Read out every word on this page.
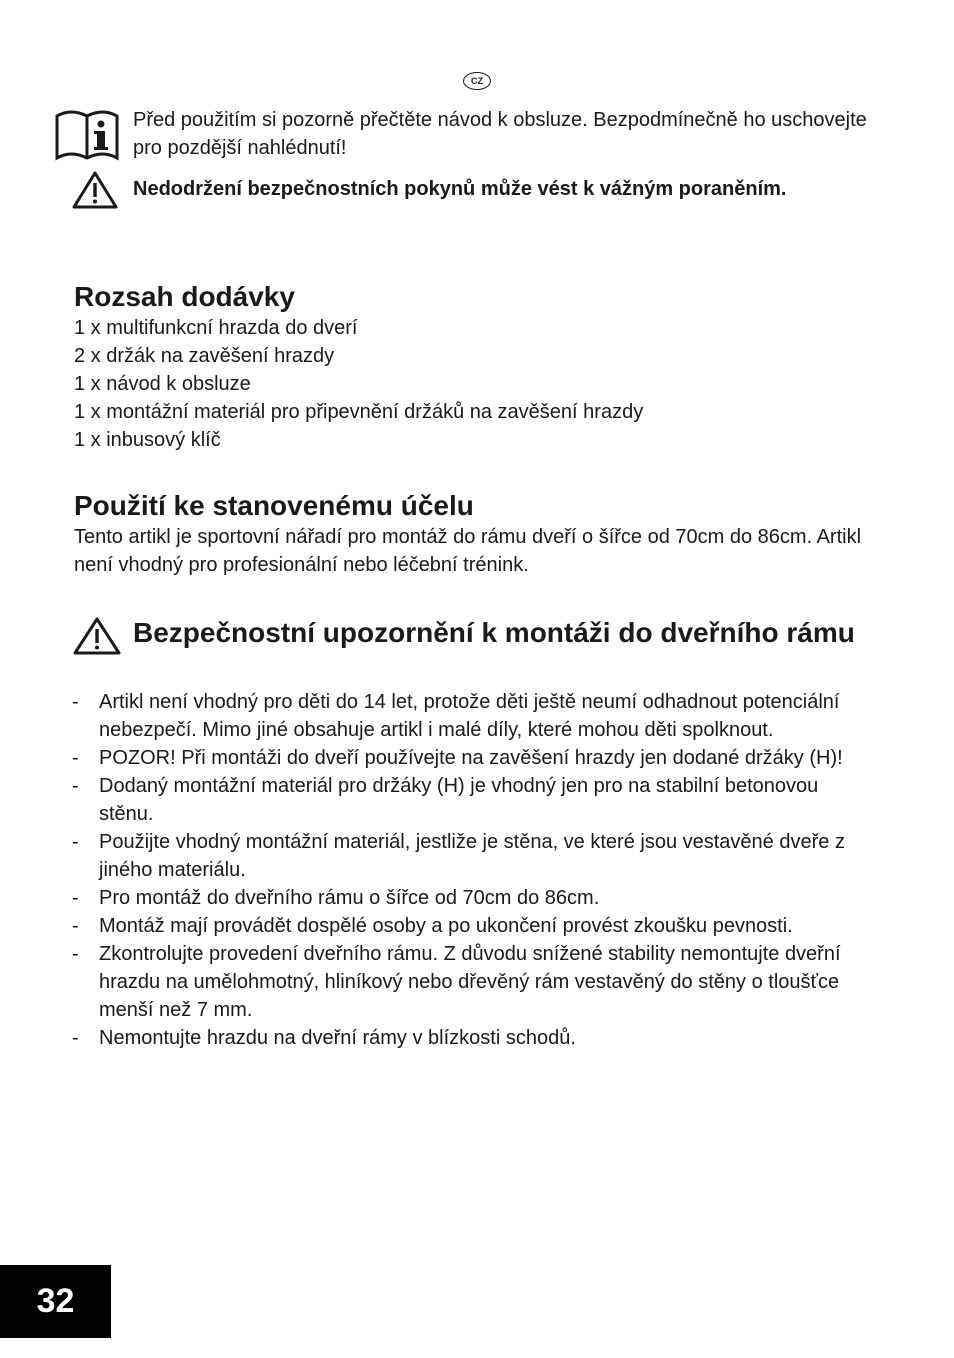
CZ
Před použitím si pozorně přečtěte návod k obsluze. Bezpodmínečně ho uschovejte pro pozdější nahlédnutí!
Nedodržení bezpečnostních pokynů může vést k vážným poraněním.
Rozsah dodávky
1 x multifunkcní hrazda do dverí
2 x držák na zavěšení hrazdy
1 x návod k obsluze
1 x montážní materiál pro připevnění držáků na zavěšení hrazdy
1 x inbusový klíč
Použití ke stanovenému účelu
Tento artikl je sportovní nářadí pro montáž do rámu dveří o šířce od 70cm do 86cm. Artikl není vhodný pro profesionální nebo léčební trénink.
Bezpečnostní upozornění k montáži do dveřního rámu
-	Artikl není vhodný pro děti do 14 let, protože děti ještě neumí odhadnout potenciální nebezpečí. Mimo jiné obsahuje artikl i malé díly, které mohou děti spolknout.
-	POZOR! Při montáži do dveří používejte na zavěšení hrazdy jen dodané držáky (H)!
-	Dodaný montážní materiál pro držáky (H) je vhodný jen pro na stabilní betonovou stěnu.
-	Použijte vhodný montážní materiál, jestliže je stěna, ve které jsou vestavěné dveře z jiného materiálu.
-	Pro montáž do dveřního rámu o šířce od 70cm do 86cm.
-	Montáž mají provádět dospělé osoby a po ukončení provést zkoušku pevnosti.
-	Zkontrolujte provedení dveřního rámu. Z důvodu snížené stability nemontujte dveřní hrazdu na umělohmotný, hliníkový nebo dřevěný rám vestavěný do stěny o tloušťce menší než 7 mm.
-	Nemontujte hrazdu na dveřní rámy v blízkosti schodů.
32
